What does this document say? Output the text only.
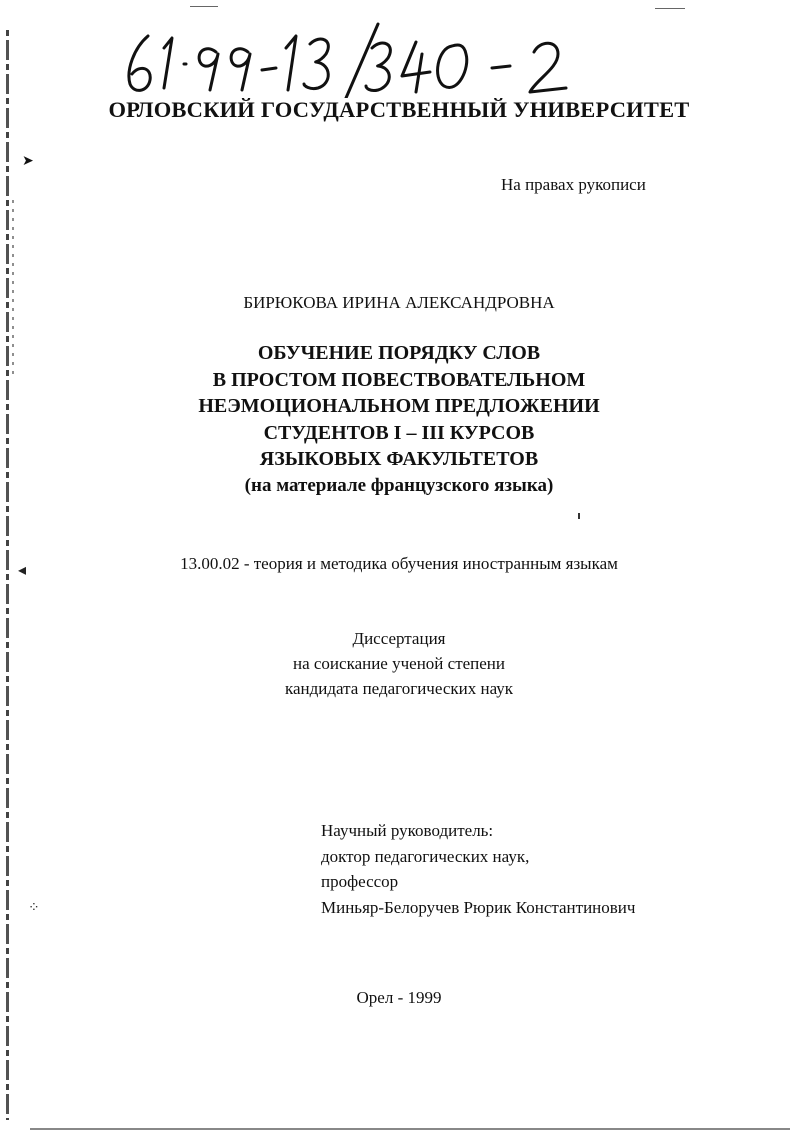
➤
◂
⁘
ОРЛОВСКИЙ ГОСУДАРСТВЕННЫЙ УНИВЕРСИТЕТ
На правах рукописи
БИРЮКОВА ИРИНА АЛЕКСАНДРОВНА
ОБУЧЕНИЕ ПОРЯДКУ СЛОВ
В ПРОСТОМ ПОВЕСТВОВАТЕЛЬНОМ
НЕЭМОЦИОНАЛЬНОМ ПРЕДЛОЖЕНИИ
СТУДЕНТОВ I – III КУРСОВ
ЯЗЫКОВЫХ ФАКУЛЬТЕТОВ
(на материале французского языка)
13.00.02 - теория и методика обучения иностранным языкам
Диссертация
на соискание ученой степени
кандидата педагогических наук
Научный руководитель:
доктор педагогических наук,
профессор
Миньяр-Белоручев Рюрик Константинович
Орел - 1999
